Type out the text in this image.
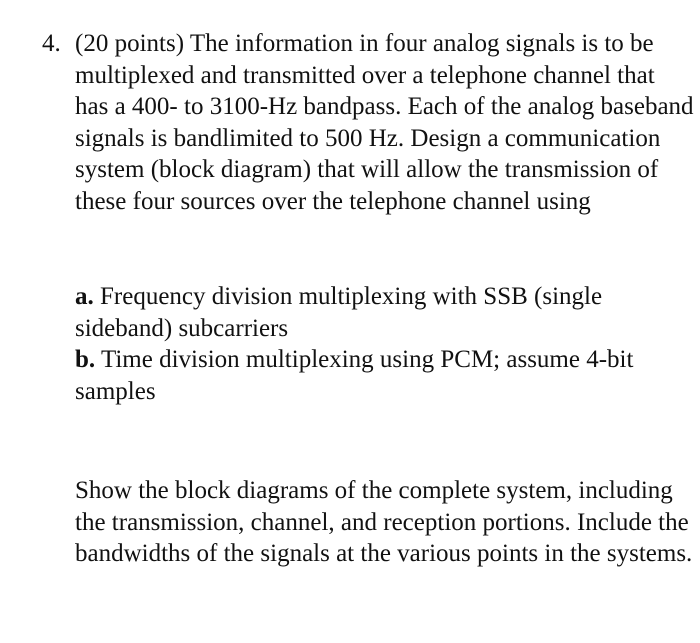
4. (20 points) The information in four analog signals is to be multiplexed and transmitted over a telephone channel that has a 400- to 3100-Hz bandpass. Each of the analog baseband signals is bandlimited to 500 Hz. Design a communication system (block diagram) that will allow the transmission of these four sources over the telephone channel using

a. Frequency division multiplexing with SSB (single sideband) subcarriers

b. Time division multiplexing using PCM; assume 4-bit samples

Show the block diagrams of the complete system, including the transmission, channel, and reception portions. Include the bandwidths of the signals at the various points in the systems.
